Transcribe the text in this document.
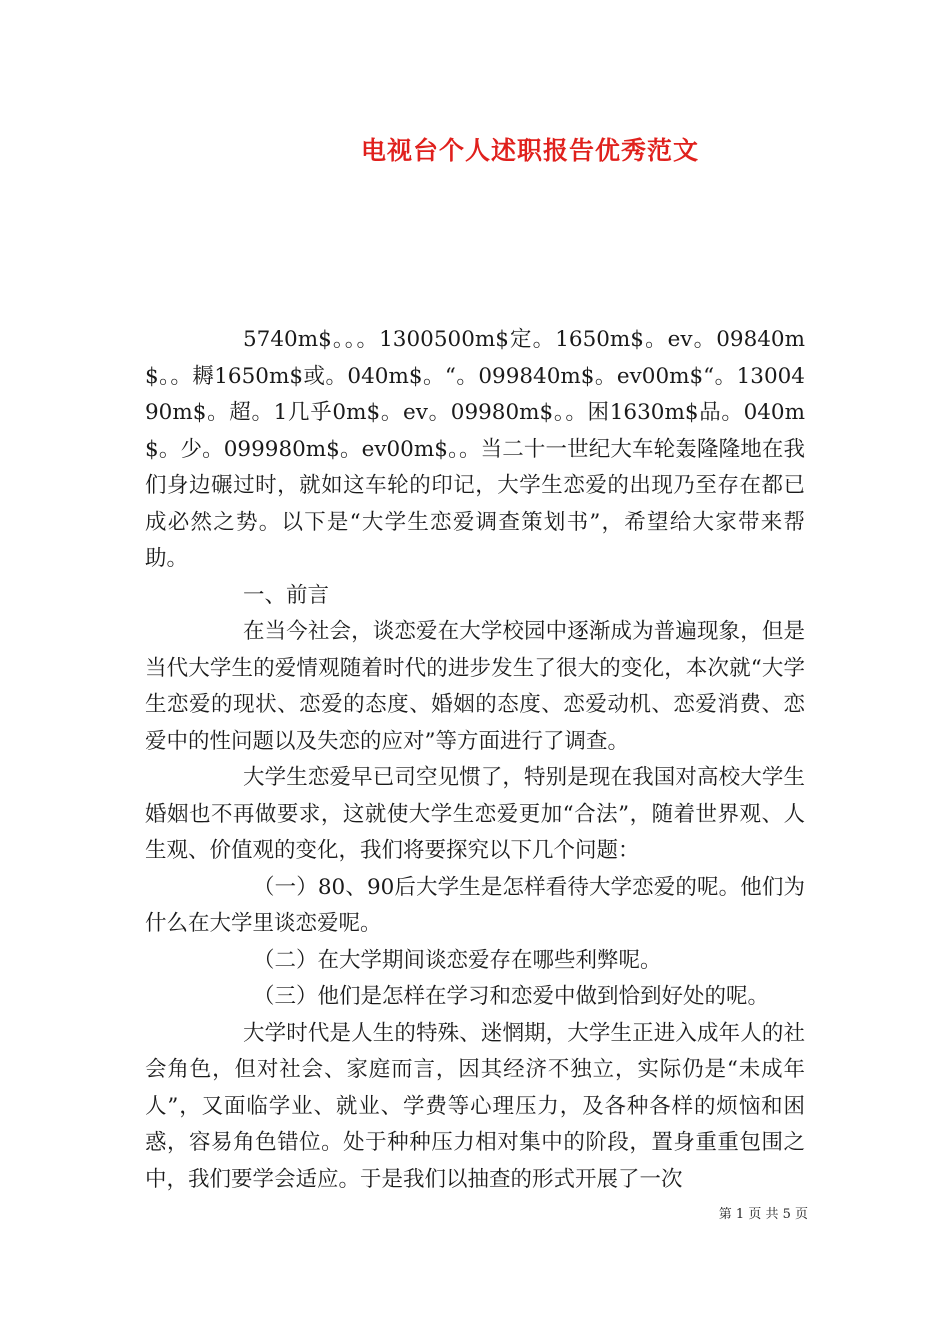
电视台个人述职报告优秀范文

5740m$。。。1300500m$定。1650m$。ev。09840m$。。耨1650m$或。040m$。“。099840m$。ev00m$“。1300490m$。超。1几乎0m$。ev。09980m$。。困1630m$品。040m$。少。099980m$。ev00m$。。当二十一世纪大车轮轰隆隆地在我们身边碾过时，就如这车轮的印记，大学生恋爱的出现乃至存在都已成必然之势。以下是“大学生恋爱调查策划书”，希望给大家带来帮助。

一、前言

在当今社会，谈恋爱在大学校园中逐渐成为普遍现象，但是当代大学生的爱情观随着时代的进步发生了很大的变化，本次就“大学生恋爱的现状、恋爱的态度、婚姻的态度、恋爱动机、恋爱消费、恋爱中的性问题以及失恋的应对”等方面进行了调查。

大学生恋爱早已司空见惯了，特别是现在我国对高校大学生婚姻也不再做要求，这就使大学生恋爱更加“合法”，随着世界观、人生观、价值观的变化，我们将要探究以下几个问题：

（一）80、90后大学生是怎样看待大学恋爱的呢。他们为什么在大学里谈恋爱呢。

（二）在大学期间谈恋爱存在哪些利弊呢。

（三）他们是怎样在学习和恋爱中做到恰到好处的呢。

大学时代是人生的特殊、迷惘期，大学生正进入成年人的社会角色，但对社会、家庭而言，因其经济不独立，实际仍是“未成年人”，又面临学业、就业、学费等心理压力，及各种各样的烦恼和困惑，容易角色错位。处于种种压力相对集中的阶段，置身重重包围之中，我们要学会适应。于是我们以抽查的形式开展了一次

第 1 页 共 5 页
